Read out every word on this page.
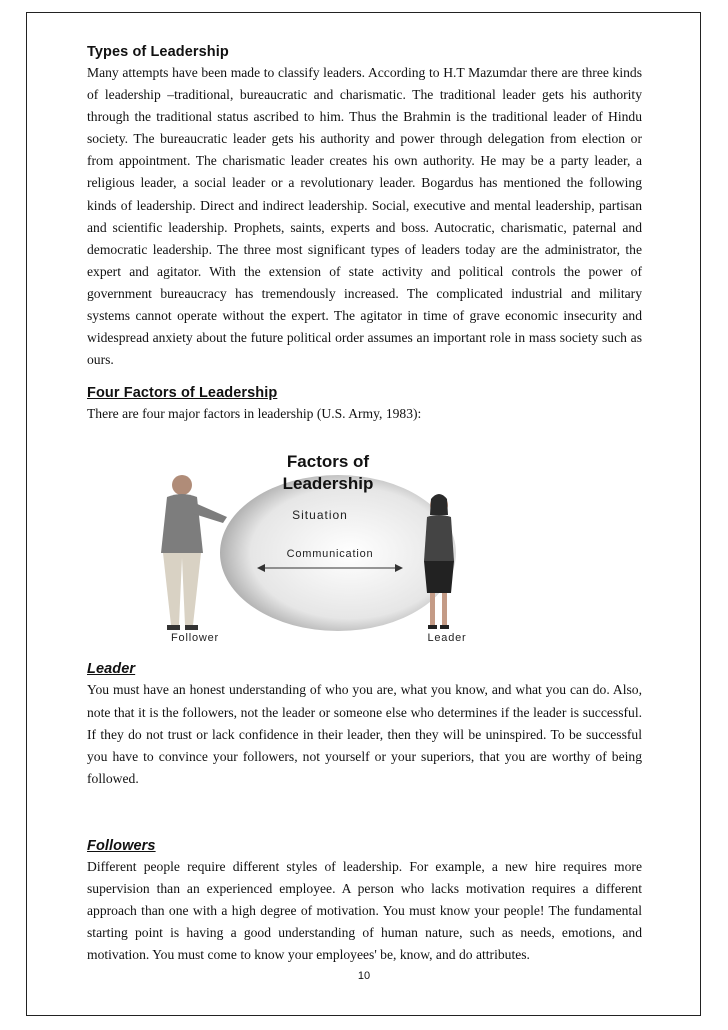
Types of Leadership

Many attempts have been made to classify leaders. According to H.T Mazumdar there are three kinds of leadership –traditional, bureaucratic and charismatic. The traditional leader gets his authority through the traditional status ascribed to him. Thus the Brahmin is the traditional leader of Hindu society. The bureaucratic leader gets his authority and power through delegation from election or from appointment. The charismatic leader creates his own authority. He may be a party leader, a religious leader, a social leader or a revolutionary leader. Bogardus has mentioned the following kinds of leadership. Direct and indirect leadership. Social, executive and mental leadership, partisan and scientific leadership. Prophets, saints, experts and boss. Autocratic, charismatic, paternal and democratic leadership. The three most significant types of leaders today are the administrator, the expert and agitator. With the extension of state activity and political controls the power of government bureaucracy has tremendously increased. The complicated industrial and military systems cannot operate without the expert. The agitator in time of grave economic insecurity and widespread anxiety about the future political order assumes an important role in mass society such as ours.

Four Factors of Leadership

There are four major factors in leadership (U.S. Army, 1983):

Factors of
Leadership
Situation
Communication
Follower	Leader
Leader

You must have an honest understanding of who you are, what you know, and what you can do. Also, note that it is the followers, not the leader or someone else who determines if the leader is successful. If they do not trust or lack confidence in their leader, then they will be uninspired. To be successful you have to convince your followers, not yourself or your superiors, that you are worthy of being followed.

Followers

Different people require different styles of leadership. For example, a new hire requires more supervision than an experienced employee. A person who lacks motivation requires a different approach than one with a high degree of motivation. You must know your people! The fundamental starting point is having a good understanding of human nature, such as needs, emotions, and motivation. You must come to know your employees' be, know, and do attributes.

10
